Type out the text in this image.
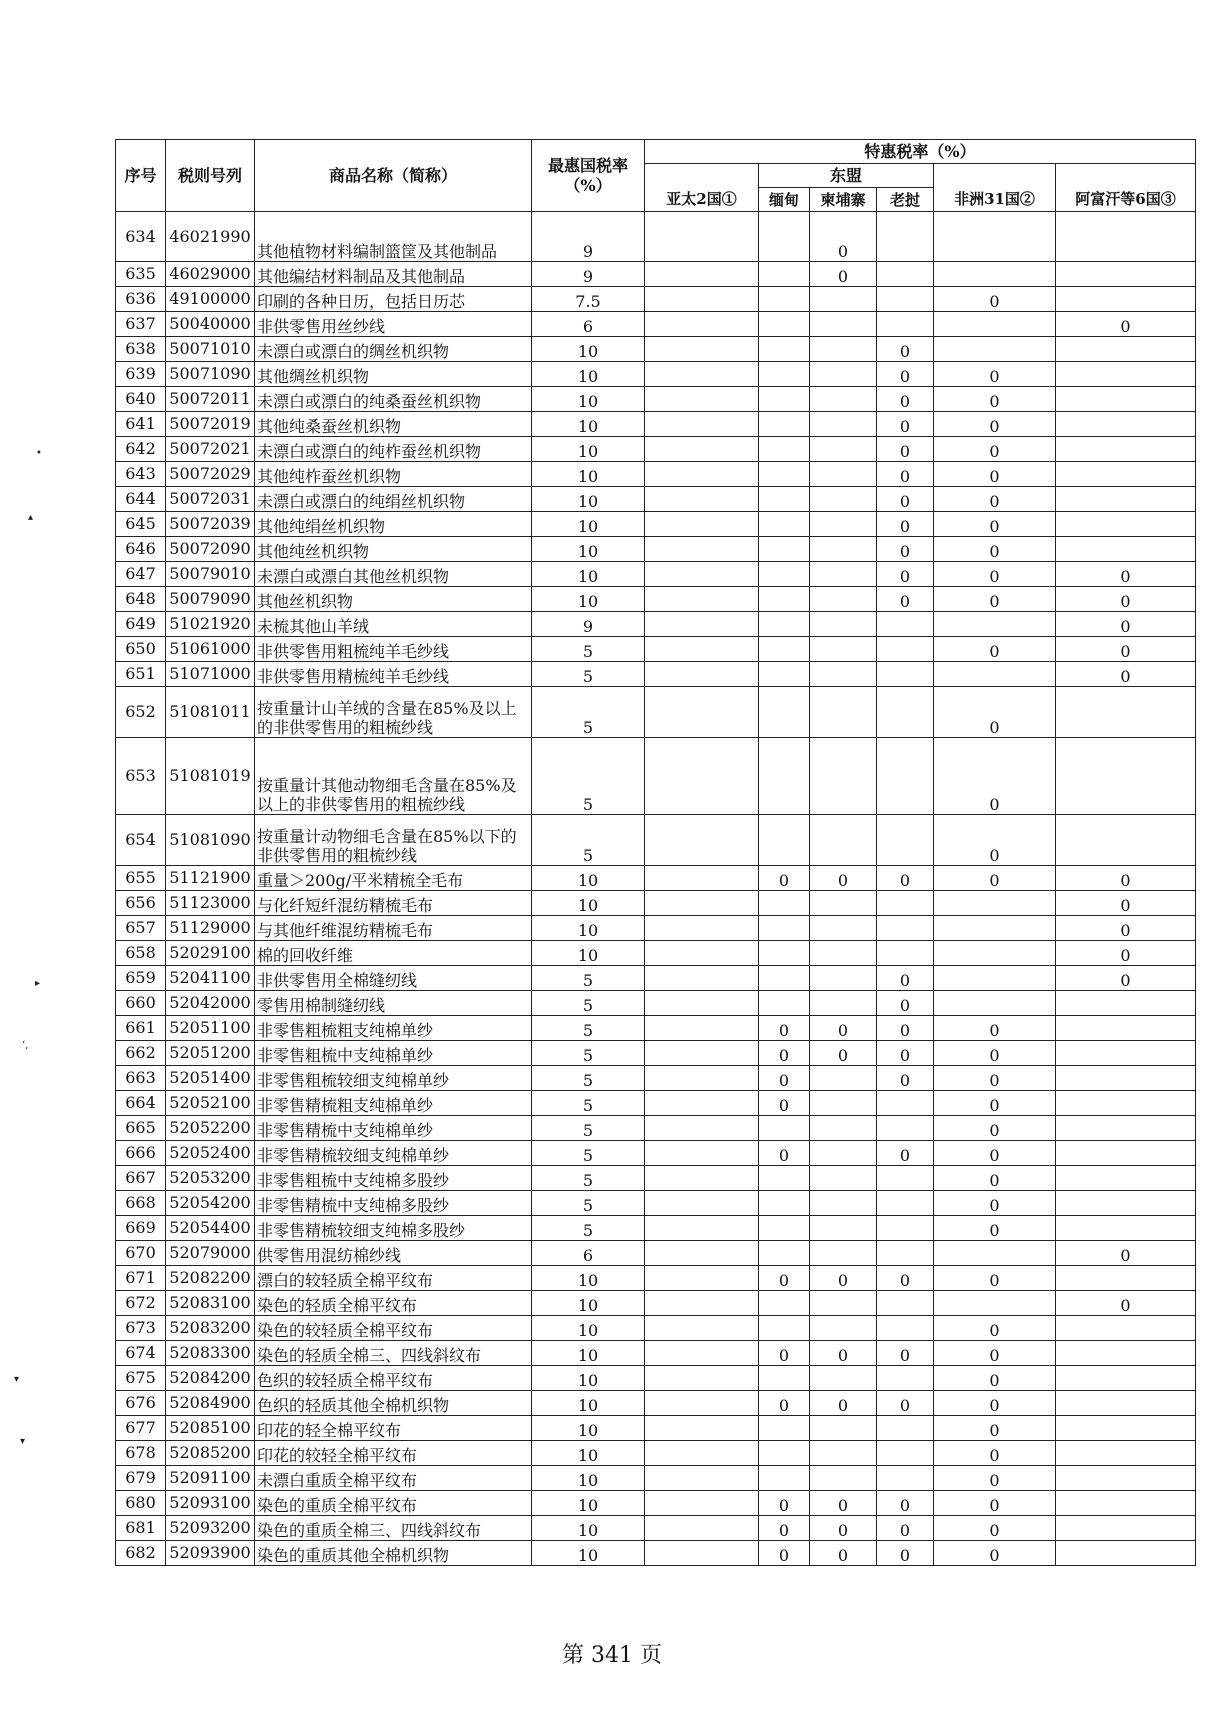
序号	税则号列	商品名称（简称）	最惠国税率
（%）	特惠税率（%）					
					东盟				
				亚太2国①	缅甸	柬埔寨	老挝	非洲31国②	阿富汗等6国③
634	46021990	其他植物材料编制篮筐及其他制品	9			0			
635	46029000	其他编结材料制品及其他制品	9			0			
636	49100000	印刷的各种日历，包括日历芯	7.5					0	
637	50040000	非供零售用丝纱线	6						0
638	50071010	未漂白或漂白的绸丝机织物	10				0		
639	50071090	其他绸丝机织物	10				0	0	
640	50072011	未漂白或漂白的纯桑蚕丝机织物	10				0	0	
641	50072019	其他纯桑蚕丝机织物	10				0	0	
642	50072021	未漂白或漂白的纯柞蚕丝机织物	10				0	0	
643	50072029	其他纯柞蚕丝机织物	10				0	0	
644	50072031	未漂白或漂白的纯绢丝机织物	10				0	0	
645	50072039	其他纯绢丝机织物	10				0	0	
646	50072090	其他纯丝机织物	10				0	0	
647	50079010	未漂白或漂白其他丝机织物	10				0	0	0
648	50079090	其他丝机织物	10				0	0	0
649	51021920	未梳其他山羊绒	9						0
650	51061000	非供零售用粗梳纯羊毛纱线	5					0	0
651	51071000	非供零售用精梳纯羊毛纱线	5						0
652	51081011	按重量计山羊绒的含量在85%及以上的非供零售用的粗梳纱线	5					0	
653	51081019	按重量计其他动物细毛含量在85%及以上的非供零售用的粗梳纱线	5					0	
654	51081090	按重量计动物细毛含量在85%以下的非供零售用的粗梳纱线	5					0	
655	51121900	重量＞200g/平米精梳全毛布	10		0	0	0	0	0
656	51123000	与化纤短纤混纺精梳毛布	10						0
657	51129000	与其他纤维混纺精梳毛布	10						0
658	52029100	棉的回收纤维	10						0
659	52041100	非供零售用全棉缝纫线	5				0		0
660	52042000	零售用棉制缝纫线	5				0		
661	52051100	非零售粗梳粗支纯棉单纱	5		0	0	0	0	
662	52051200	非零售粗梳中支纯棉单纱	5		0	0	0	0	
663	52051400	非零售粗梳较细支纯棉单纱	5		0		0	0	
664	52052100	非零售精梳粗支纯棉单纱	5		0			0	
665	52052200	非零售精梳中支纯棉单纱	5					0	
666	52052400	非零售精梳较细支纯棉单纱	5		0		0	0	
667	52053200	非零售粗梳中支纯棉多股纱	5					0	
668	52054200	非零售精梳中支纯棉多股纱	5					0	
669	52054400	非零售精梳较细支纯棉多股纱	5					0	
670	52079000	供零售用混纺棉纱线	6						0
671	52082200	漂白的较轻质全棉平纹布	10		0	0	0	0	
672	52083100	染色的轻质全棉平纹布	10						0
673	52083200	染色的较轻质全棉平纹布	10					0	
674	52083300	染色的轻质全棉三、四线斜纹布	10		0	0	0	0	
675	52084200	色织的较轻质全棉平纹布	10					0	
676	52084900	色织的轻质其他全棉机织物	10		0	0	0	0	
677	52085100	印花的轻全棉平纹布	10					0	
678	52085200	印花的较轻全棉平纹布	10					0	
679	52091100	未漂白重质全棉平纹布	10					0	
680	52093100	染色的重质全棉平纹布	10		0	0	0	0	
681	52093200	染色的重质全棉三、四线斜纹布	10		0	0	0	0	
682	52093900	染色的重质其他全棉机织物	10		0	0	0	0	
第 341 页
•
▴
▸
‘,
▾
▾
